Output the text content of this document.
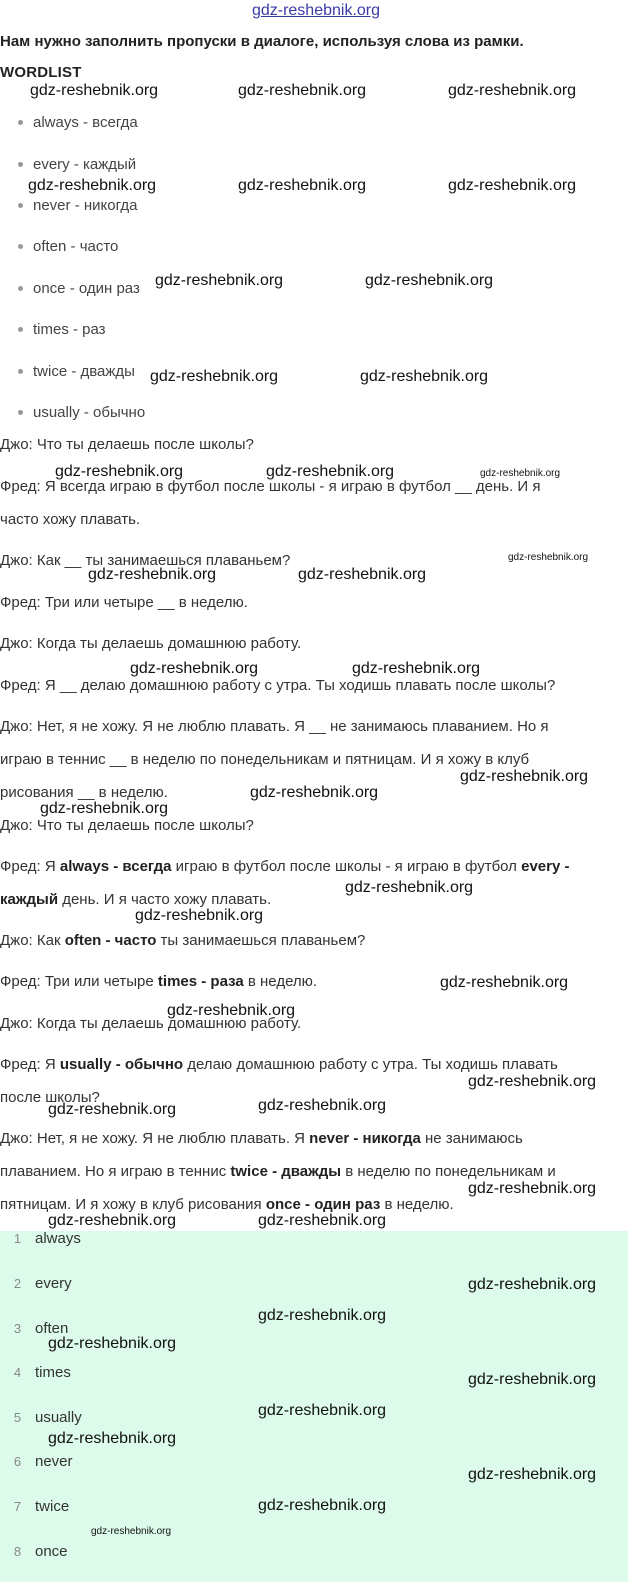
gdz-reshebnik.org
Нам нужно заполнить пропуски в диалоге, используя слова из рамки.
WORDLIST
always - всегда
every - каждый
never - никогда
often - часто
once - один раз
times - раз
twice - дважды
usually - обычно
Джо: Что ты делаешь после школы?
Фред: Я всегда играю в футбол после школы - я играю в футбол __ день. И я
часто хожу плавать.
Джо: Как __ ты занимаешься плаваньем?
Фред: Три или четыре __ в неделю.
Джо: Когда ты делаешь домашнюю работу.
Фред: Я __ делаю домашнюю работу с утра. Ты ходишь плавать после школы?
Джо: Нет, я не хожу. Я не люблю плавать. Я __ не занимаюсь плаванием. Но я
играю в теннис __ в неделю по понедельникам и пятницам. И я хожу в клуб
рисования __ в неделю.
Джо: Что ты делаешь после школы?
Фред: Я always - всегда играю в футбол после школы - я играю в футбол every -
каждый день. И я часто хожу плавать.
Джо: Как often - часто ты занимаешься плаваньем?
Фред: Три или четыре times - раза в неделю.
Джо: Когда ты делаешь домашнюю работу.
Фред: Я usually - обычно делаю домашнюю работу с утра. Ты ходишь плавать
после школы?
Джо: Нет, я не хожу. Я не люблю плавать. Я never - никогда не занимаюсь
плаванием. Но я играю в теннис twice - дважды в неделю по понедельникам и
пятницам. И я хожу в клуб рисования once - один раз в неделю.
1 always
2 every
3 often
4 times
5 usually
6 never
7 twice
8 once
gdz-reshebnik.org	gdz-reshebnik.org	gdz-reshebnik.org
gdz-reshebnik.org	gdz-reshebnik.org	gdz-reshebnik.org
gdz-reshebnik.org	gdz-reshebnik.org
gdz-reshebnik.org	gdz-reshebnik.org
gdz-reshebnik.org	gdz-reshebnik.org	gdz-reshebnik.org
gdz-reshebnik.org
gdz-reshebnik.org	gdz-reshebnik.org
gdz-reshebnik.org	gdz-reshebnik.org
gdz-reshebnik.org
gdz-reshebnik.org
gdz-reshebnik.org
gdz-reshebnik.org
gdz-reshebnik.org
gdz-reshebnik.org
gdz-reshebnik.org
gdz-reshebnik.org
gdz-reshebnik.org
gdz-reshebnik.org
gdz-reshebnik.org
gdz-reshebnik.org	gdz-reshebnik.org
gdz-reshebnik.org
gdz-reshebnik.org
gdz-reshebnik.org
gdz-reshebnik.org
gdz-reshebnik.org
gdz-reshebnik.org
gdz-reshebnik.org
gdz-reshebnik.org
gdz-reshebnik.org
